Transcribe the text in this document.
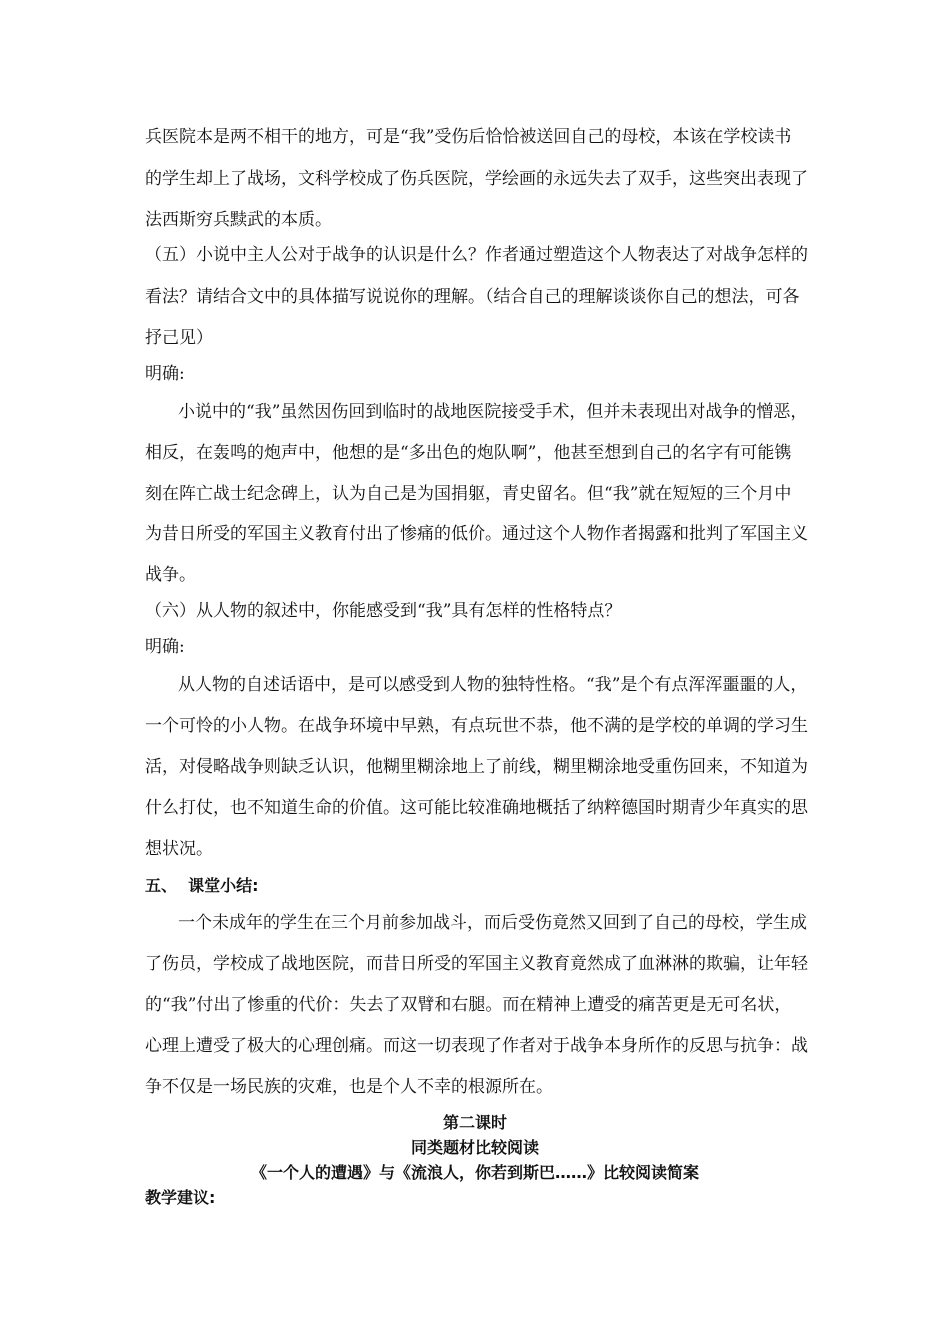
兵医院本是两不相干的地方，可是“我”受伤后恰恰被送回自己的母校，本该在学校读书
的学生却上了战场，文科学校成了伤兵医院，学绘画的永远失去了双手，这些突出表现了
法西斯穷兵黩武的本质。
（五）小说中主人公对于战争的认识是什么？作者通过塑造这个人物表达了对战争怎样的
看法？请结合文中的具体描写说说你的理解。（结合自己的理解谈谈你自己的想法，可各
抒己见）
明确:
小说中的“我”虽然因伤回到临时的战地医院接受手术，但并未表现出对战争的憎恶，
相反，在轰鸣的炮声中，他想的是“多出色的炮队啊”，他甚至想到自己的名字有可能镌
刻在阵亡战士纪念碑上，认为自己是为国捐躯，青史留名。但“我”就在短短的三个月中
为昔日所受的军国主义教育付出了惨痛的低价。通过这个人物作者揭露和批判了军国主义
战争。
（六）从人物的叙述中，你能感受到“我”具有怎样的性格特点？
明确:
从人物的自述话语中，是可以感受到人物的独特性格。“我”是个有点浑浑噩噩的人，
一个可怜的小人物。在战争环境中早熟，有点玩世不恭，他不满的是学校的单调的学习生
活，对侵略战争则缺乏认识，他糊里糊涂地上了前线，糊里糊涂地受重伤回来，不知道为
什么打仗，也不知道生命的价值。这可能比较准确地概括了纳粹德国时期青少年真实的思
想状况。
五、  课堂小结:
一个未成年的学生在三个月前参加战斗，而后受伤竟然又回到了自己的母校，学生成
了伤员，学校成了战地医院，而昔日所受的军国主义教育竟然成了血淋淋的欺骗，让年轻
的“我”付出了惨重的代价：失去了双臂和右腿。而在精神上遭受的痛苦更是无可名状，
心理上遭受了极大的心理创痛。而这一切表现了作者对于战争本身所作的反思与抗争：战
争不仅是一场民族的灾难，也是个人不幸的根源所在。
第二课时
同类题材比较阅读
《一个人的遭遇》与《流浪人，你若到斯巴……》比较阅读简案
教学建议:
